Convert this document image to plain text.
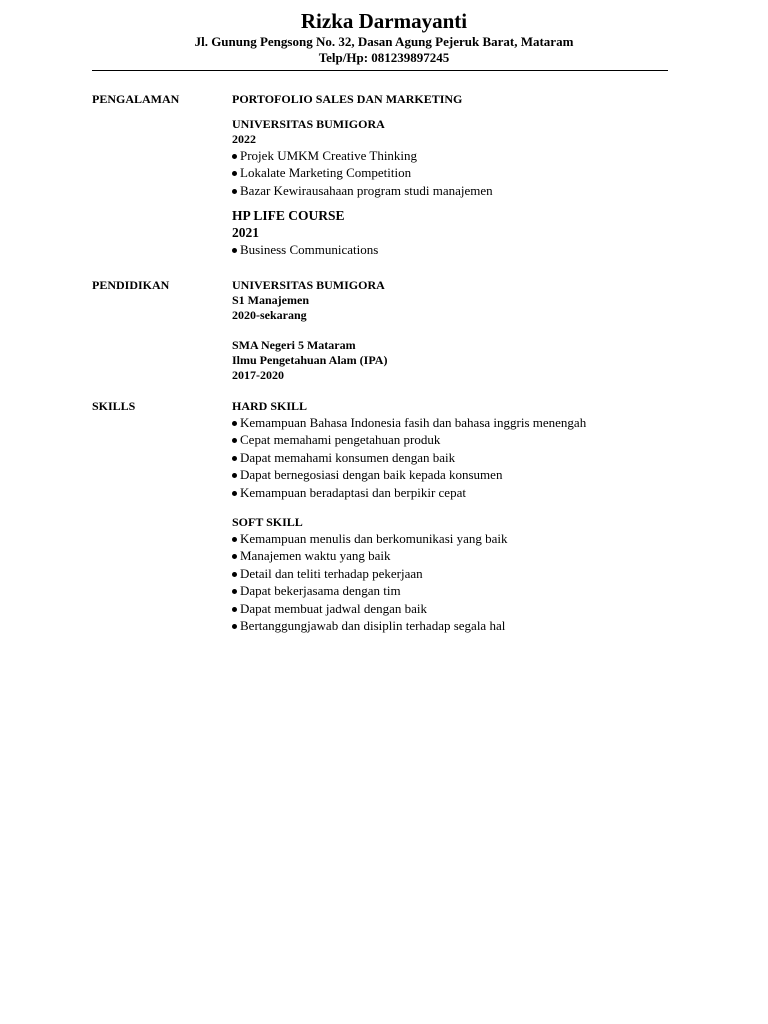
Rizka Darmayanti
Jl. Gunung Pengsong No. 32, Dasan Agung Pejeruk Barat, Mataram
Telp/Hp: 081239897245
PENGALAMAN	PORTOFOLIO SALES DAN MARKETING
UNIVERSITAS BUMIGORA
2022
Projek UMKM Creative Thinking
Lokalate Marketing Competition
Bazar Kewirausahaan program studi manajemen
HP LIFE COURSE
2021
Business Communications
PENDIDIKAN	UNIVERSITAS BUMIGORA
S1 Manajemen
2020-sekarang
SMA Negeri 5 Mataram
Ilmu Pengetahuan Alam (IPA)
2017-2020
SKILLS	HARD SKILL
Kemampuan Bahasa Indonesia fasih dan bahasa inggris menengah
Cepat memahami pengetahuan produk
Dapat memahami konsumen dengan baik
Dapat bernegosiasi dengan baik kepada konsumen
Kemampuan beradaptasi dan berpikir cepat
SOFT SKILL
Kemampuan menulis dan berkomunikasi yang baik
Manajemen waktu yang baik
Detail dan teliti terhadap pekerjaan
Dapat bekerjasama dengan tim
Dapat membuat jadwal dengan baik
Bertanggungjawab dan disiplin terhadap segala hal
